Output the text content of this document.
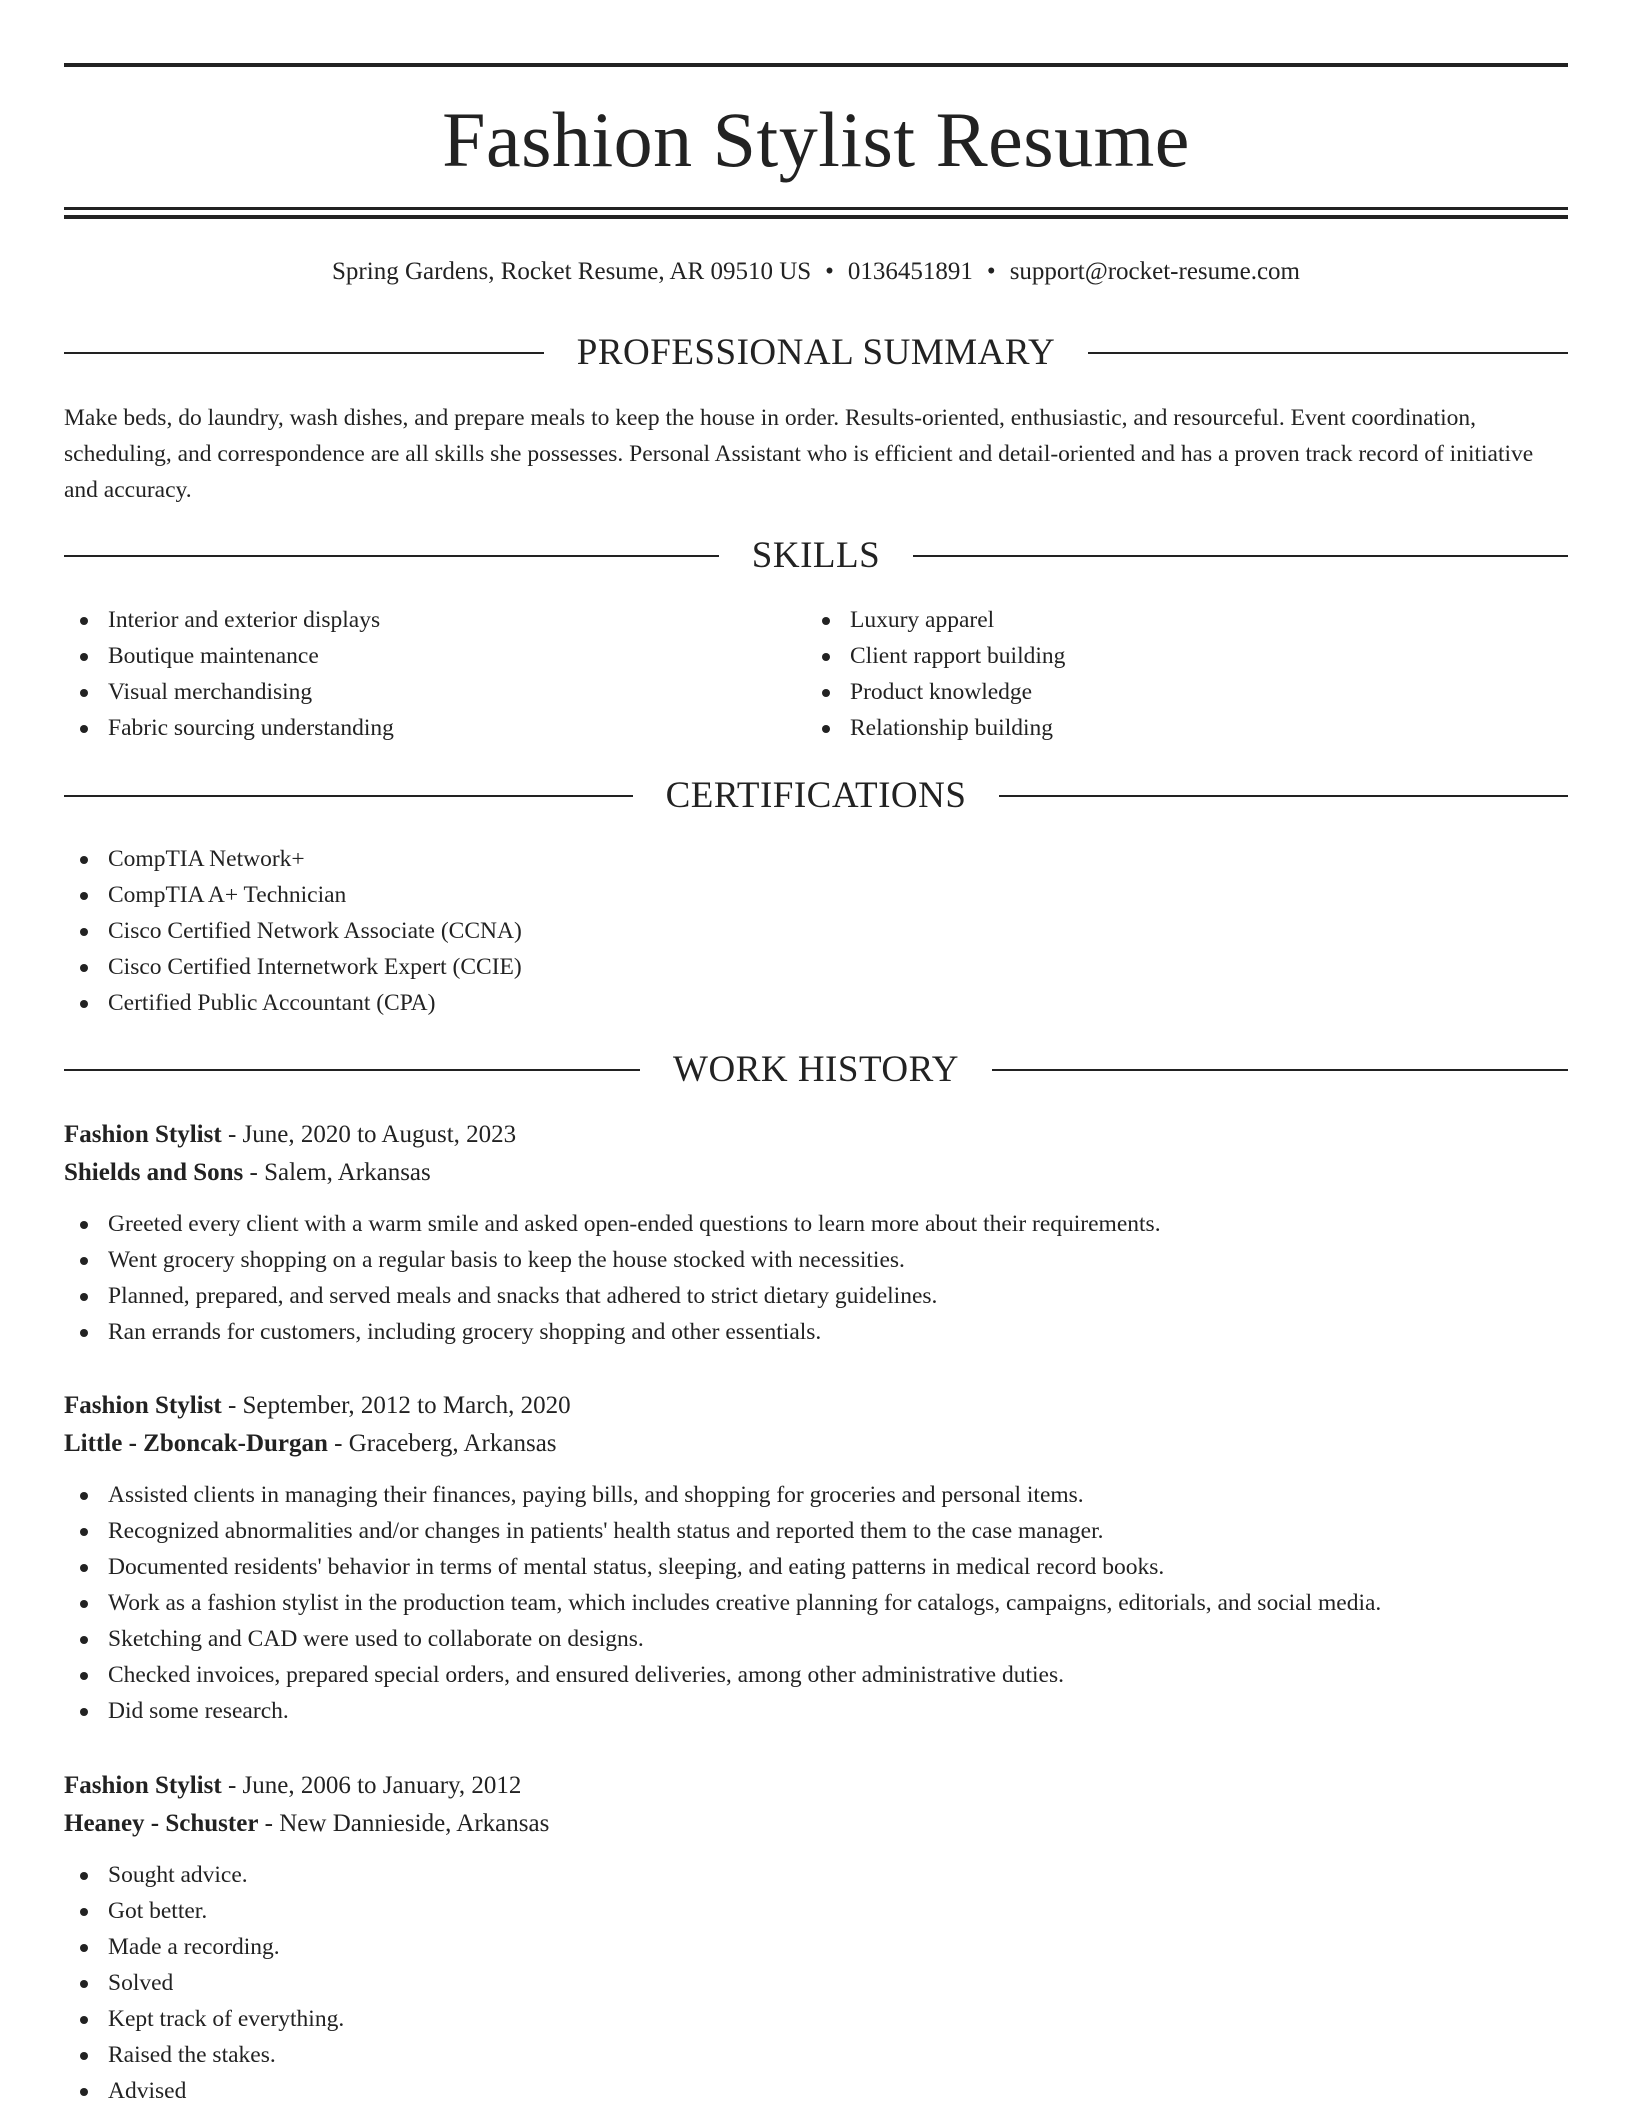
Fashion Stylist Resume
Spring Gardens, Rocket Resume, AR 09510 US • 0136451891 • support@rocket-resume.com
PROFESSIONAL SUMMARY
Make beds, do laundry, wash dishes, and prepare meals to keep the house in order. Results-oriented, enthusiastic, and resourceful. Event coordination, scheduling, and correspondence are all skills she possesses. Personal Assistant who is efficient and detail-oriented and has a proven track record of initiative and accuracy.
SKILLS
Interior and exterior displays
Boutique maintenance
Visual merchandising
Fabric sourcing understanding
Luxury apparel
Client rapport building
Product knowledge
Relationship building
CERTIFICATIONS
CompTIA Network+
CompTIA A+ Technician
Cisco Certified Network Associate (CCNA)
Cisco Certified Internetwork Expert (CCIE)
Certified Public Accountant (CPA)
WORK HISTORY
Fashion Stylist - June, 2020 to August, 2023
Shields and Sons - Salem, Arkansas
Greeted every client with a warm smile and asked open-ended questions to learn more about their requirements.
Went grocery shopping on a regular basis to keep the house stocked with necessities.
Planned, prepared, and served meals and snacks that adhered to strict dietary guidelines.
Ran errands for customers, including grocery shopping and other essentials.
Fashion Stylist - September, 2012 to March, 2020
Little - Zboncak-Durgan - Graceberg, Arkansas
Assisted clients in managing their finances, paying bills, and shopping for groceries and personal items.
Recognized abnormalities and/or changes in patients' health status and reported them to the case manager.
Documented residents' behavior in terms of mental status, sleeping, and eating patterns in medical record books.
Work as a fashion stylist in the production team, which includes creative planning for catalogs, campaigns, editorials, and social media.
Sketching and CAD were used to collaborate on designs.
Checked invoices, prepared special orders, and ensured deliveries, among other administrative duties.
Did some research.
Fashion Stylist - June, 2006 to January, 2012
Heaney - Schuster - New Dannieside, Arkansas
Sought advice.
Got better.
Made a recording.
Solved
Kept track of everything.
Raised the stakes.
Advised
